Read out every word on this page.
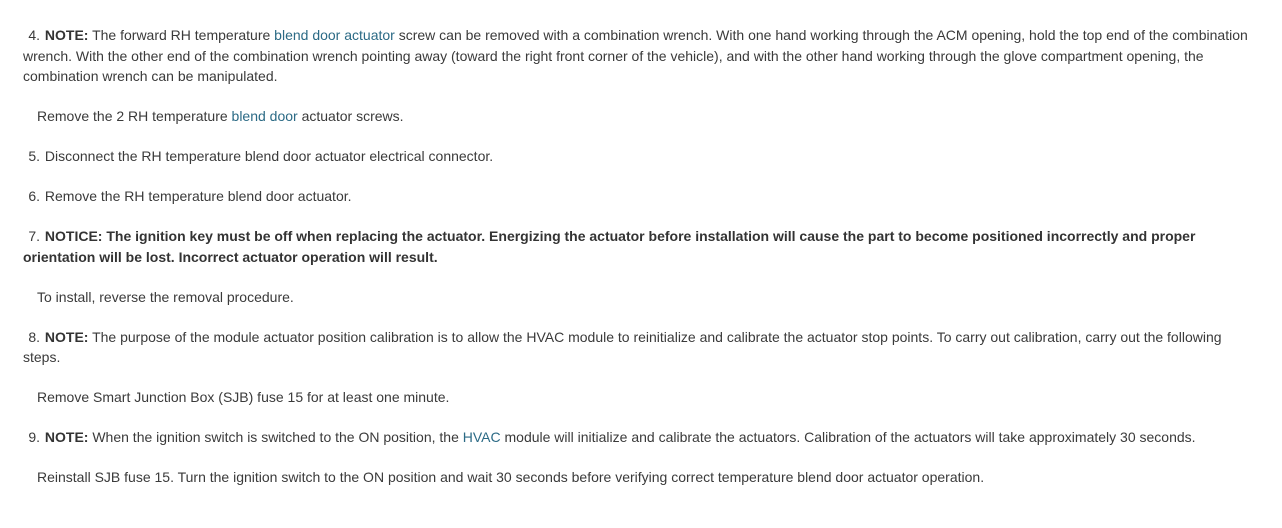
4. NOTE: The forward RH temperature blend door actuator screw can be removed with a combination wrench. With one hand working through the ACM opening, hold the top end of the combination wrench. With the other end of the combination wrench pointing away (toward the right front corner of the vehicle), and with the other hand working through the glove compartment opening, the combination wrench can be manipulated.
Remove the 2 RH temperature blend door actuator screws.
5. Disconnect the RH temperature blend door actuator electrical connector.
6. Remove the RH temperature blend door actuator.
7. NOTICE: The ignition key must be off when replacing the actuator. Energizing the actuator before installation will cause the part to become positioned incorrectly and proper orientation will be lost. Incorrect actuator operation will result.
To install, reverse the removal procedure.
8. NOTE: The purpose of the module actuator position calibration is to allow the HVAC module to reinitialize and calibrate the actuator stop points. To carry out calibration, carry out the following steps.
Remove Smart Junction Box (SJB) fuse 15 for at least one minute.
9. NOTE: When the ignition switch is switched to the ON position, the HVAC module will initialize and calibrate the actuators. Calibration of the actuators will take approximately 30 seconds.
Reinstall SJB fuse 15. Turn the ignition switch to the ON position and wait 30 seconds before verifying correct temperature blend door actuator operation.
